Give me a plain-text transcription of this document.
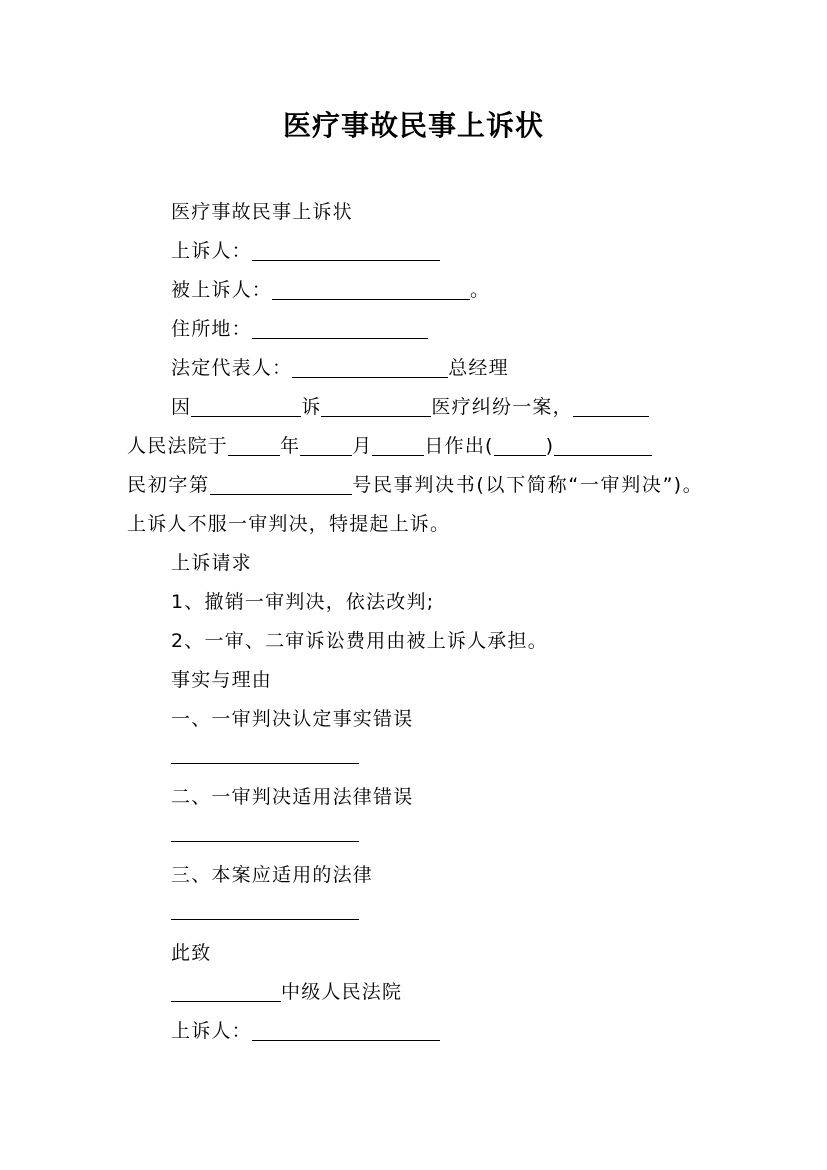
医疗事故民事上诉状

医疗事故民事上诉状

上诉人：

被上诉人：	。

住所地：

法定代表人：	总经理

因	诉	医疗纠纷一案，

人民法院于	年	月	日作出(	)

民初字第	号民事判决书(以下简称“一审判决”)。上诉人不服一审判决，特提起上诉。

上诉请求

1、撤销一审判决，依法改判;

2、一审、二审诉讼费用由被上诉人承担。

事实与理由

一、一审判决认定事实错误

二、一审判决适用法律错误

三、本案应适用的法律

此致

中级人民法院

上诉人：
